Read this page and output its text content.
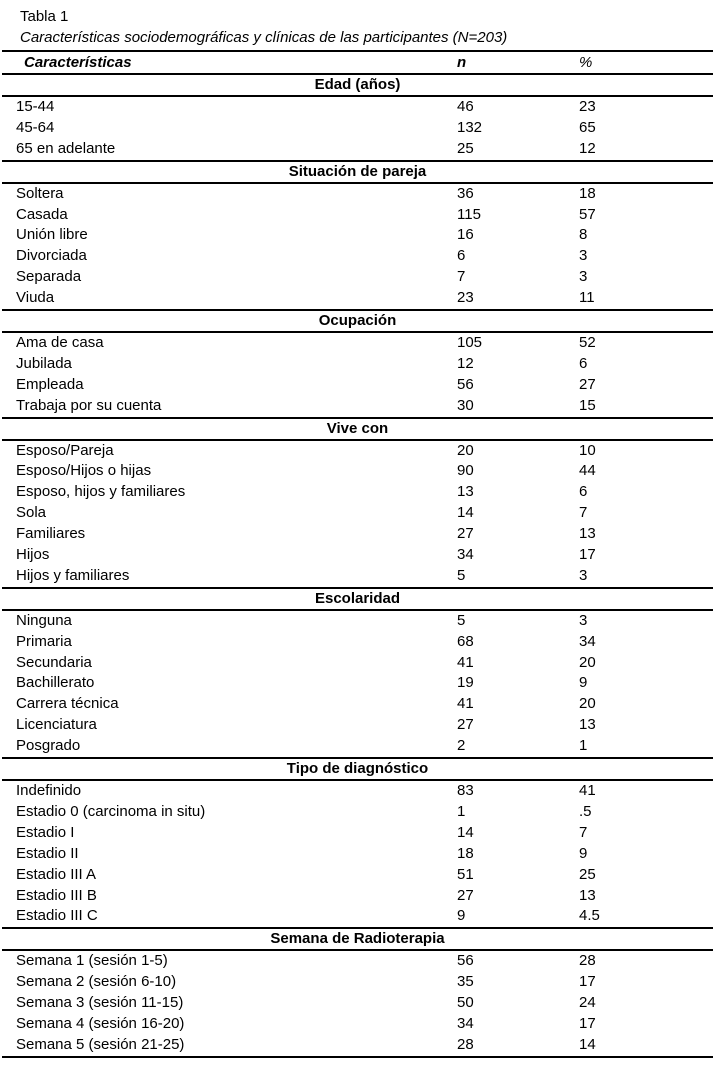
Tabla 1
Características sociodemográficas y clínicas de las participantes (N=203)
Características	n	%
Edad (años)
15-44	46	23
45-64	132	65
65 en adelante	25	12
Situación de pareja
Soltera	36	18
Casada	115	57
Unión libre	16	8
Divorciada	6	3
Separada	7	3
Viuda	23	11
Ocupación
Ama de casa	105	52
Jubilada	12	6
Empleada	56	27
Trabaja por su cuenta	30	15
Vive con
Esposo/Pareja	20	10
Esposo/Hijos o hijas	90	44
Esposo, hijos y familiares	13	6
Sola	14	7
Familiares	27	13
Hijos	34	17
Hijos y familiares	5	3
Escolaridad
Ninguna	5	3
Primaria	68	34
Secundaria	41	20
Bachillerato	19	9
Carrera técnica	41	20
Licenciatura	27	13
Posgrado	2	1
Tipo de diagnóstico
Indefinido	83	41
Estadio 0 (carcinoma in situ)	1	.5
Estadio I	14	7
Estadio II	18	9
Estadio III A	51	25
Estadio III B	27	13
Estadio III C	9	4.5
Semana de Radioterapia
Semana 1 (sesión 1-5)	56	28
Semana 2 (sesión 6-10)	35	17
Semana 3 (sesión 11-15)	50	24
Semana 4 (sesión 16-20)	34	17
Semana 5 (sesión 21-25)	28	14
